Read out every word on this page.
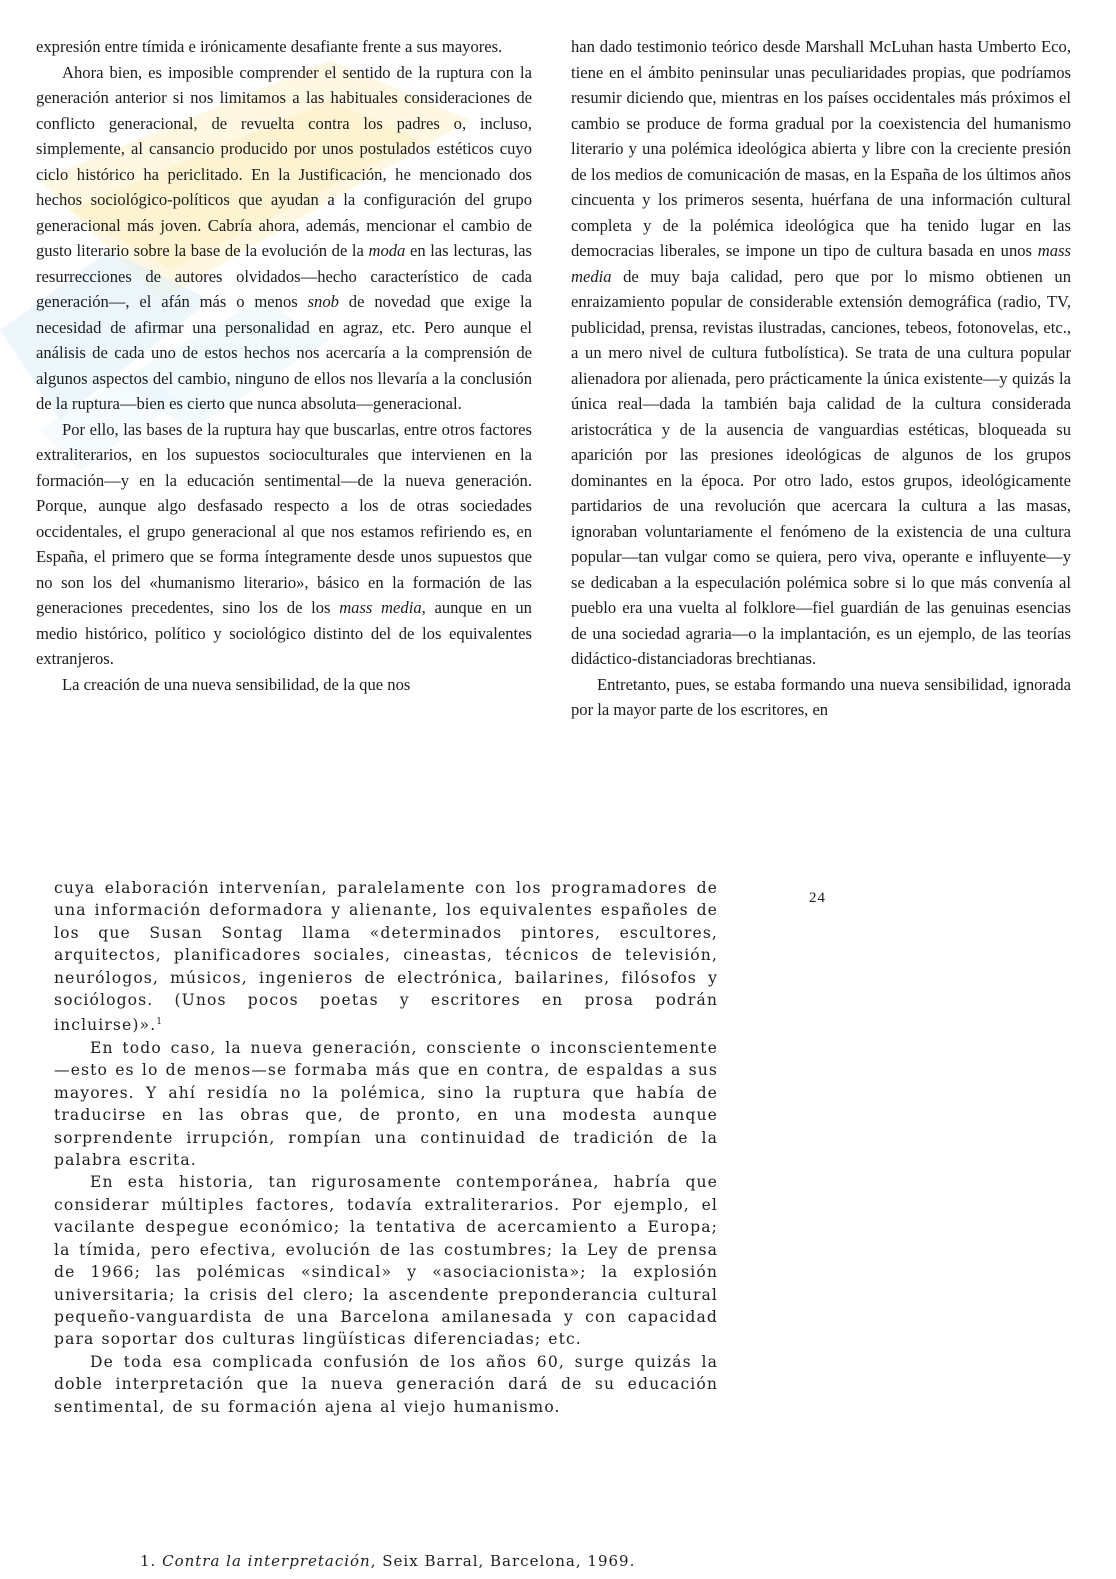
expresión entre tímida e irónicamente desafiante frente a sus mayores.

Ahora bien, es imposible comprender el sentido de la ruptura con la generación anterior si nos limitamos a las habituales consideraciones de conflicto generacional, de revuelta contra los padres o, incluso, simplemente, al cansancio producido por unos postulados estéticos cuyo ciclo histórico ha periclitado. En la Justificación, he mencionado dos hechos sociológico-políticos que ayudan a la configuración del grupo generacional más joven. Cabría ahora, además, mencionar el cambio de gusto literario sobre la base de la evolución de la moda en las lecturas, las resurrecciones de autores olvidados—hecho característico de cada generación—, el afán más o menos snob de novedad que exige la necesidad de afirmar una personalidad en agraz, etc. Pero aunque el análisis de cada uno de estos hechos nos acercaría a la comprensión de algunos aspectos del cambio, ninguno de ellos nos llevaría a la conclusión de la ruptura—bien es cierto que nunca absoluta—generacional.

Por ello, las bases de la ruptura hay que buscarlas, entre otros factores extraliterarios, en los supuestos socioculturales que intervienen en la formación—y en la educación sentimental—de la nueva generación. Porque, aunque algo desfasado respecto a los de otras sociedades occidentales, el grupo generacional al que nos estamos refiriendo es, en España, el primero que se forma íntegramente desde unos supuestos que no son los del «humanismo literario», básico en la formación de las generaciones precedentes, sino los de los mass media, aunque en un medio histórico, político y sociológico distinto del de los equivalentes extranjeros.

La creación de una nueva sensibilidad, de la que nos

han dado testimonio teórico desde Marshall McLuhan hasta Umberto Eco, tiene en el ámbito peninsular unas peculiaridades propias, que podríamos resumir diciendo que, mientras en los países occidentales más próximos el cambio se produce de forma gradual por la coexistencia del humanismo literario y una polémica ideológica abierta y libre con la creciente presión de los medios de comunicación de masas, en la España de los últimos años cincuenta y los primeros sesenta, huérfana de una información cultural completa y de la polémica ideológica que ha tenido lugar en las democracias liberales, se impone un tipo de cultura basada en unos mass media de muy baja calidad, pero que por lo mismo obtienen un enraizamiento popular de considerable extensión demográfica (radio, TV, publicidad, prensa, revistas ilustradas, canciones, tebeos, fotonovelas, etc., a un mero nivel de cultura futbolística). Se trata de una cultura popular alienadora por alienada, pero prácticamente la única existente—y quizás la única real—dada la también baja calidad de la cultura considerada aristocrática y de la ausencia de vanguardias estéticas, bloqueada su aparición por las presiones ideológicas de algunos de los grupos dominantes en la época. Por otro lado, estos grupos, ideológicamente partidarios de una revolución que acercara la cultura a las masas, ignoraban voluntariamente el fenómeno de la existencia de una cultura popular—tan vulgar como se quiera, pero viva, operante e influyente—y se dedicaban a la especulación polémica sobre si lo que más convenía al pueblo era una vuelta al folklore—fiel guardián de las genuinas esencias de una sociedad agraria—o la implantación, es un ejemplo, de las teorías didáctico-distanciadoras brechtianas.

Entretanto, pues, se estaba formando una nueva sensibilidad, ignorada por la mayor parte de los escritores, en

24

cuya elaboración intervenían, paralelamente con los programadores de una información deformadora y alienante, los equivalentes españoles de los que Susan Sontag llama «determinados pintores, escultores, arquitectos, planificadores sociales, cineastas, técnicos de televisión, neurólogos, músicos, ingenieros de electrónica, bailarines, filósofos y sociólogos. (Unos pocos poetas y escritores en prosa podrán incluirse)».$^1$

En todo caso, la nueva generación, consciente o inconscientemente—esto es lo de menos—se formaba más que en contra, de espaldas a sus mayores. Y ahí residía no la polémica, sino la ruptura que había de traducirse en las obras que, de pronto, en una modesta aunque sorprendente irrupción, rompían una continuidad de tradición de la palabra escrita.

En esta historia, tan rigurosamente contemporánea, habría que considerar múltiples factores, todavía extraliterarios. Por ejemplo, el vacilante despegue económico; la tentativa de acercamiento a Europa; la tímida, pero efectiva, evolución de las costumbres; la Ley de prensa de 1966; las polémicas «sindical» y «asociacionista»; la explosión universitaria; la crisis del clero; la ascendente preponderancia cultural pequeño-vanguardista de una Barcelona amilanesada y con capacidad para soportar dos culturas lingüísticas diferenciadas; etc.

De toda esa complicada confusión de los años 60, surge quizás la doble interpretación que la nueva generación dará de su educación sentimental, de su formación ajena al viejo humanismo.

1. Contra la interpretación, Seix Barral, Barcelona, 1969.
